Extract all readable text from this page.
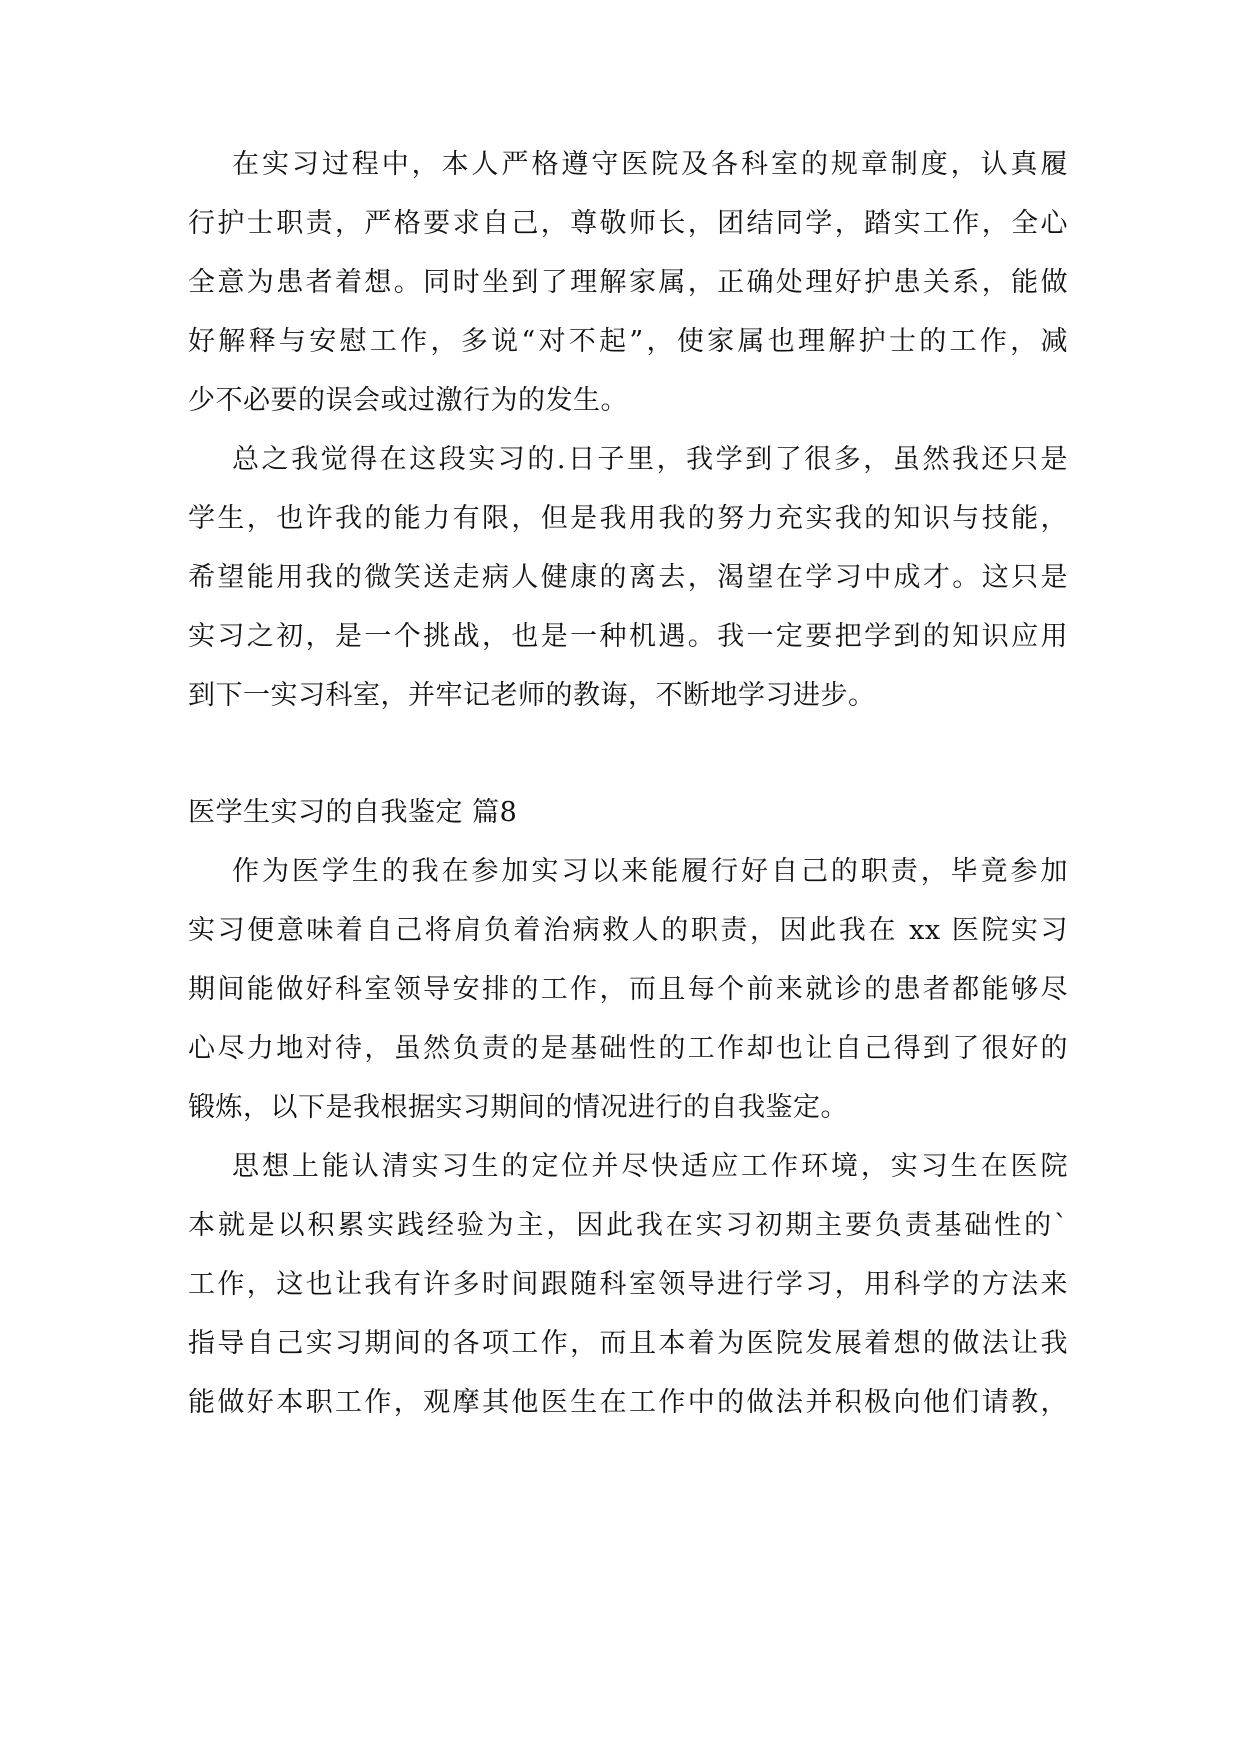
在实习过程中，本人严格遵守医院及各科室的规章制度，认真履
行护士职责，严格要求自己，尊敬师长，团结同学，踏实工作，全心
全意为患者着想。同时坐到了理解家属，正确处理好护患关系，能做
好解释与安慰工作，多说“对不起”，使家属也理解护士的工作，减
少不必要的误会或过激行为的发生。
总之我觉得在这段实习的.日子里，我学到了很多，虽然我还只是
学生，也许我的能力有限，但是我用我的努力充实我的知识与技能，
希望能用我的微笑送走病人健康的离去，渴望在学习中成才。这只是
实习之初，是一个挑战，也是一种机遇。我一定要把学到的知识应用
到下一实习科室，并牢记老师的教诲，不断地学习进步。
医学生实习的自我鉴定 篇8
作为医学生的我在参加实习以来能履行好自己的职责，毕竟参加
实习便意味着自己将肩负着治病救人的职责，因此我在 xx 医院实习
期间能做好科室领导安排的工作，而且每个前来就诊的患者都能够尽
心尽力地对待，虽然负责的是基础性的工作却也让自己得到了很好的
锻炼，以下是我根据实习期间的情况进行的自我鉴定。
思想上能认清实习生的定位并尽快适应工作环境，实习生在医院
本就是以积累实践经验为主，因此我在实习初期主要负责基础性的`
工作，这也让我有许多时间跟随科室领导进行学习，用科学的方法来
指导自己实习期间的各项工作，而且本着为医院发展着想的做法让我
能做好本职工作，观摩其他医生在工作中的做法并积极向他们请教，
